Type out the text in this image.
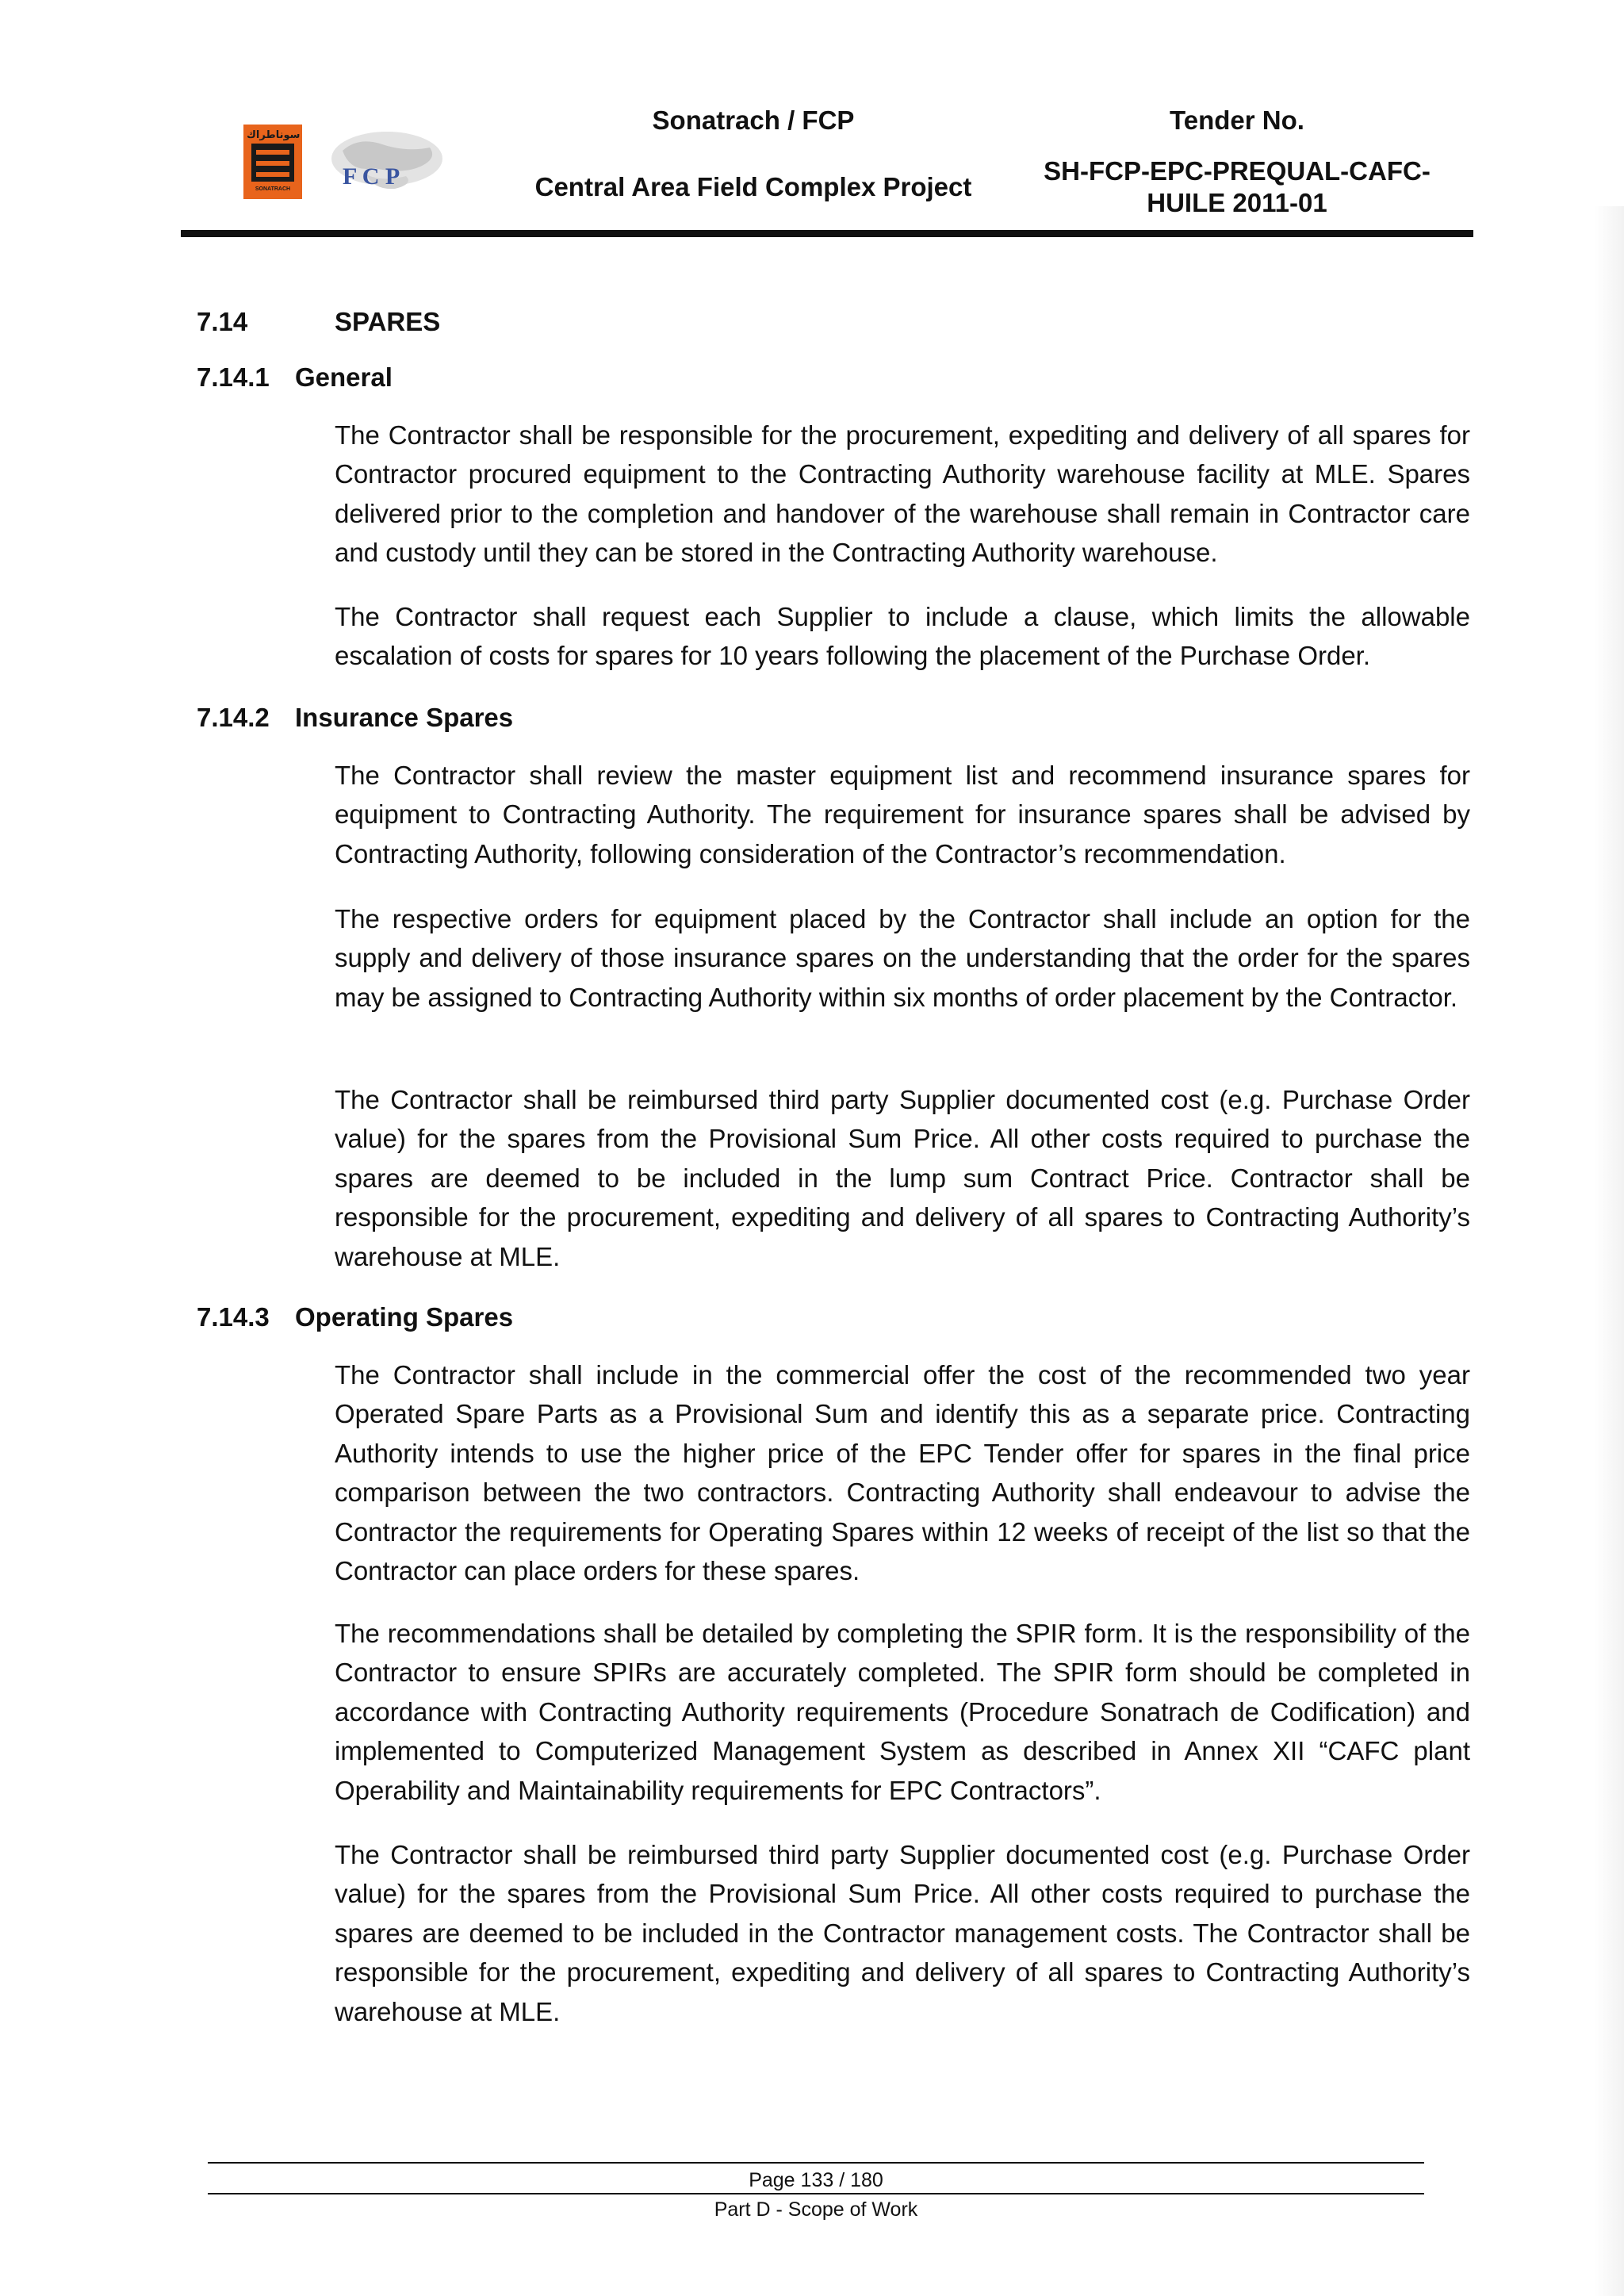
سوناطراك
SONATRACH	F C P
Sonatrach / FCP
Central Area Field Complex Project
Tender No.
SH-FCP-EPC-PREQUAL-CAFC-
HUILE 2011-01
7.14	SPARES
7.14.1 General
The Contractor shall be responsible for the procurement, expediting and delivery of all spares for Contractor procured equipment to the Contracting Authority warehouse facility at MLE. Spares delivered prior to the completion and handover of the warehouse shall remain in Contractor care and custody until they can be stored in the Contracting Authority warehouse.
The Contractor shall request each Supplier to include a clause, which limits the allowable escalation of costs for spares for 10 years following the placement of the Purchase Order.
7.14.2 Insurance Spares
The Contractor shall review the master equipment list and recommend insurance spares for equipment to Contracting Authority. The requirement for insurance spares shall be advised by Contracting Authority, following consideration of the Contractor’s recommendation.
The respective orders for equipment placed by the Contractor shall include an option for the supply and delivery of those insurance spares on the understanding that the order for the spares may be assigned to Contracting Authority within six months of order placement by the Contractor.
The Contractor shall be reimbursed third party Supplier documented cost (e.g. Purchase Order value) for the spares from the Provisional Sum Price. All other costs required to purchase the spares are deemed to be included in the lump sum Contract Price. Contractor shall be responsible for the procurement, expediting and delivery of all spares to Contracting Authority’s warehouse at MLE.
7.14.3 Operating Spares
The Contractor shall include in the commercial offer the cost of the recommended two year Operated Spare Parts as a Provisional Sum and identify this as a separate price. Contracting Authority intends to use the higher price of the EPC Tender offer for spares in the final price comparison between the two contractors. Contracting Authority shall endeavour to advise the Contractor the requirements for Operating Spares within 12 weeks of receipt of the list so that the Contractor can place orders for these spares.
The recommendations shall be detailed by completing the SPIR form. It is the responsibility of the Contractor to ensure SPIRs are accurately completed. The SPIR form should be completed in accordance with Contracting Authority requirements (Procedure Sonatrach de Codification) and implemented to Computerized Management System as described in Annex XII “CAFC plant Operability and Maintainability requirements for EPC Contractors”.
The Contractor shall be reimbursed third party Supplier documented cost (e.g. Purchase Order value) for the spares from the Provisional Sum Price. All other costs required to purchase the spares are deemed to be included in the Contractor management costs. The Contractor shall be responsible for the procurement, expediting and delivery of all spares to Contracting Authority’s warehouse at MLE.
Page 133 / 180
Part D - Scope of Work
